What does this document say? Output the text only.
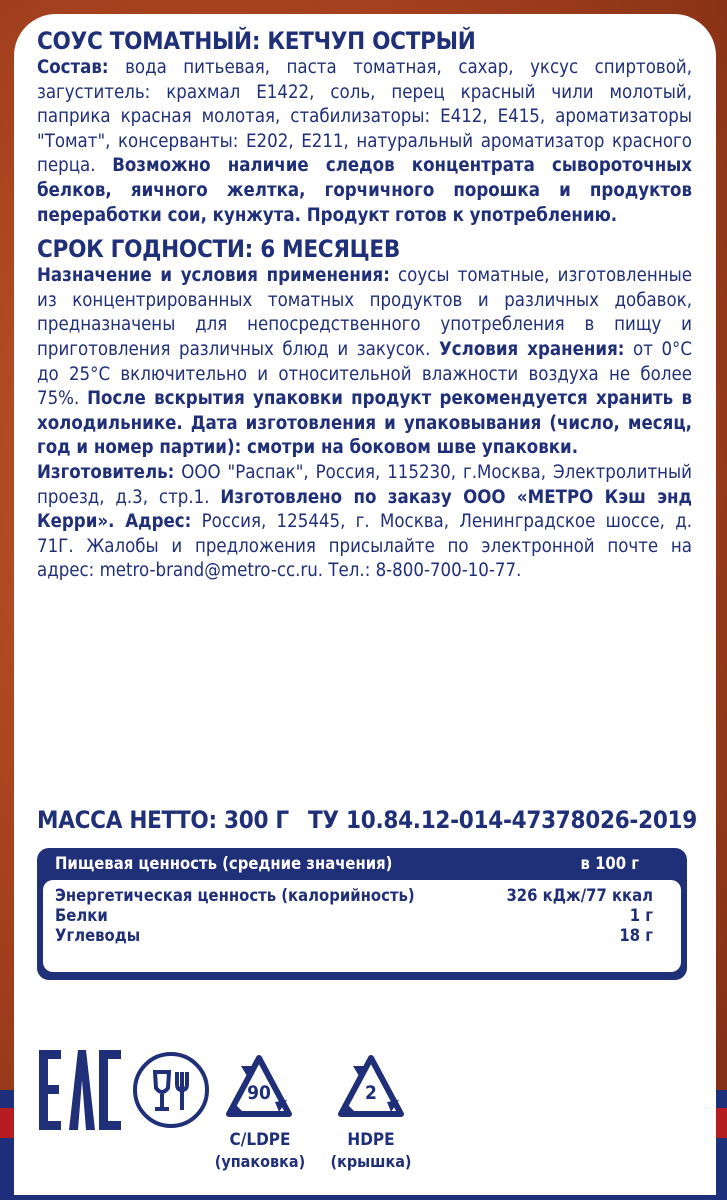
СОУС ТОМАТНЫЙ: КЕТЧУП ОСТРЫЙ

Состав: вода питьевая, паста томатная, сахар, уксус спиртовой, загуститель: крахмал Е1422, соль, перец красный чили молотый, паприка красная молотая, стабилизаторы: Е412, Е415, ароматизаторы "Томат", консерванты: Е202, Е211, натуральный ароматизатор красного перца. Возможно наличие следов концентрата сывороточных белков, яичного желтка, горчичного порошка и продуктов переработки сои, кунжута. Продукт готов к употреблению.

СРОК ГОДНОСТИ: 6 МЕСЯЦЕВ

Назначение и условия применения: соусы томатные, изготовленные из концентрированных томатных продуктов и различных добавок, предназначены для непосредственного употребления в пищу и приготовления различных блюд и закусок. Условия хранения: от 0°C до 25°C включительно и относительной влажности воздуха не более 75%. После вскрытия упаковки продукт рекомендуется хранить в холодильнике. Дата изготовления и упаковывания (число, месяц, год и номер партии): смотри на боковом шве упаковки.

Изготовитель: ООО "Распак", Россия, 115230, г.Москва, Электролитный проезд, д.3, стр.1. Изготовлено по заказу ООО «МЕТРО Кэш энд Керри». Адрес: Россия, 125445, г. Москва, Ленинградское шоссе, д. 71Г. Жалобы и предложения присылайте по электронной почте на адрес: metro-brand@metro-cc.ru. Тел.: 8-800-700-10-77.

МАССА НЕТТО: 300 Г ТУ 10.84.12-014-47378026-2019
Пищевая ценность (средние значения)	в 100 г
Энергетическая ценность (калорийность)	326 кДж/77 ккал
Белки	1 г
Углеводы	18 г
90
C/LDPE
(упаковка)
2
HDPE
(крышка)
